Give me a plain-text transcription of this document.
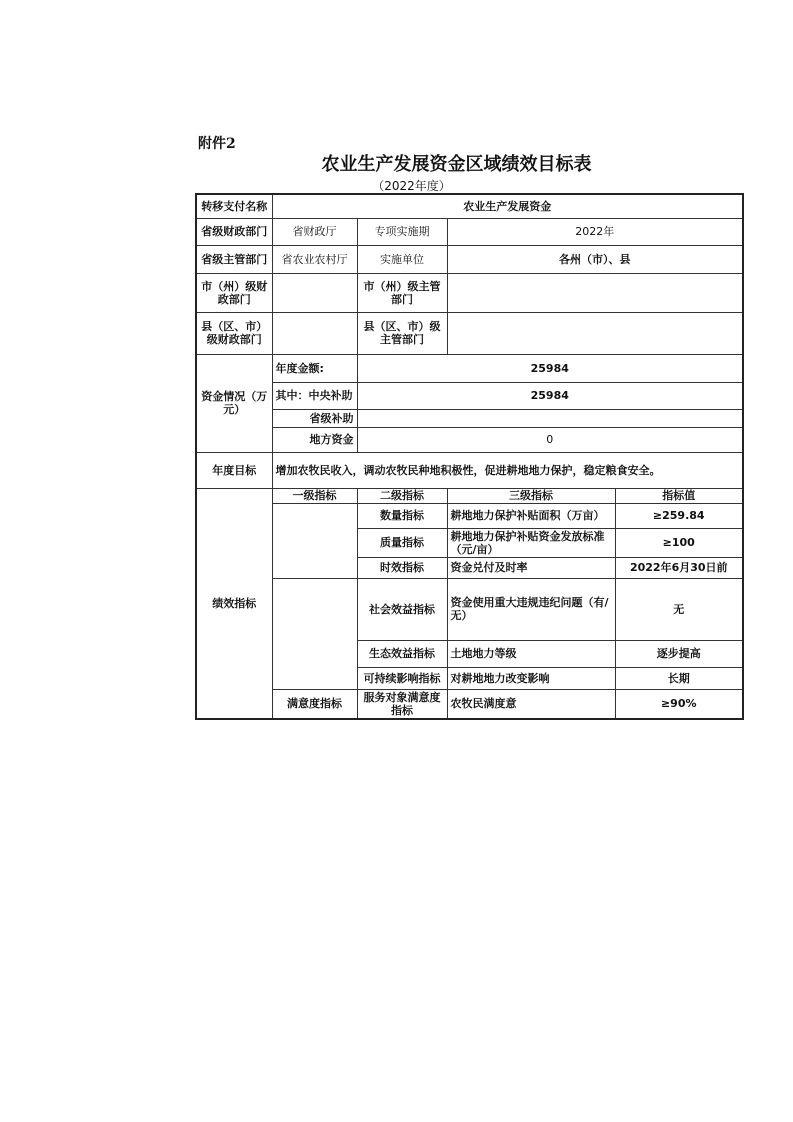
附件2
农业生产发展资金区域绩效目标表
（2022年度）
转移支付名称	农业生产发展资金			
省级财政部门	省财政厅	专项实施期	2022年	
省级主管部门	省农业农村厅	实施单位	各州（市）、县	
市（州）级财政部门		市（州）级主管部门		
县（区、市）级财政部门		县（区、市）级主管部门		
资金情况（万元）	年度金额:	25984		
	其中：中央补助	25984		
	省级补助			
	地方资金	0		
年度目标	增加农牧民收入，调动农牧民种地积极性，促进耕地地力保护，稳定粮食安全。			
绩效指标	一级指标	二级指标	三级指标	指标值
		数量指标	耕地地力保护补贴面积（万亩）	≥259.84
		质量指标	耕地地力保护补贴资金发放标准（元/亩）	≥100
		时效指标	资金兑付及时率	2022年6月30日前
		社会效益指标	资金使用重大违规违纪问题（有/无）	无
		生态效益指标	土地地力等级	逐步提高
		可持续影响指标	对耕地地力改变影响	长期
	满意度指标	服务对象满意度指标	农牧民满度意	≥90%
